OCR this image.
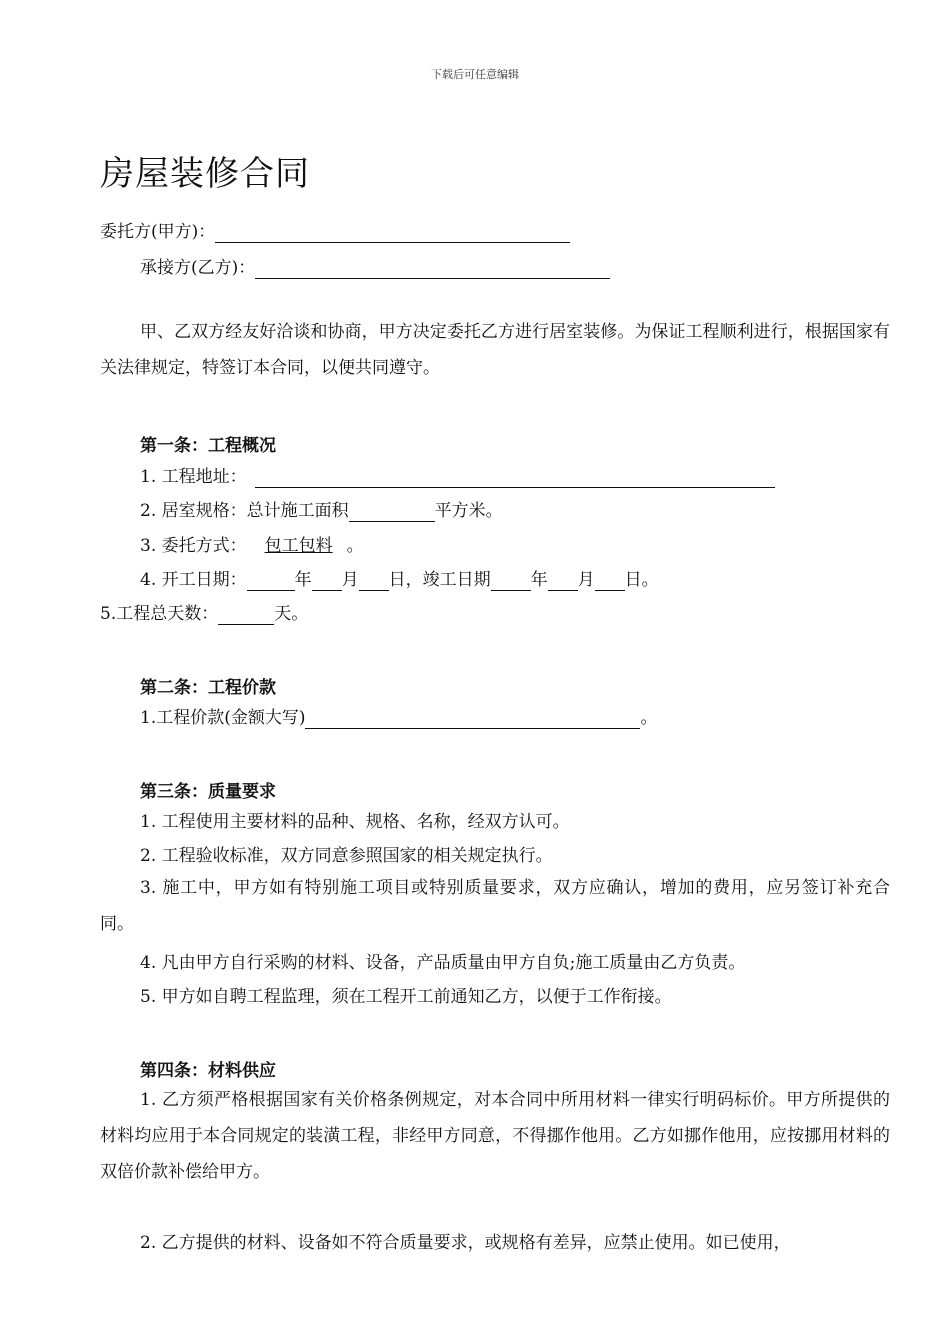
下载后可任意编辑
房屋装修合同
委托方(甲方)：
承接方(乙方)：
甲、乙双方经友好洽谈和协商，甲方决定委托乙方进行居室装修。为保证工程顺利进行，根据国家有关法律规定，特签订本合同，以便共同遵守。
第一条：工程概况
1. 工程地址：
2. 居室规格：总计施工面积	平方米。
3. 委托方式： 包工包料 。
4. 开工日期：	年 月 日，竣工日期 年 月 日。
5.工程总天数：	天。
第二条：工程价款
1.工程价款(金额大写)	。
第三条：质量要求
1. 工程使用主要材料的品种、规格、名称，经双方认可。
2. 工程验收标准，双方同意参照国家的相关规定执行。
3. 施工中，甲方如有特别施工项目或特别质量要求，双方应确认，增加的费用，应另签订补充合同。
4. 凡由甲方自行采购的材料、设备，产品质量由甲方自负;施工质量由乙方负责。
5. 甲方如自聘工程监理，须在工程开工前通知乙方，以便于工作衔接。
第四条：材料供应
1. 乙方须严格根据国家有关价格条例规定，对本合同中所用材料一律实行明码标价。甲方所提供的材料均应用于本合同规定的装潢工程，非经甲方同意，不得挪作他用。乙方如挪作他用，应按挪用材料的双倍价款补偿给甲方。
2. 乙方提供的材料、设备如不符合质量要求，或规格有差异，应禁止使用。如已使用，
